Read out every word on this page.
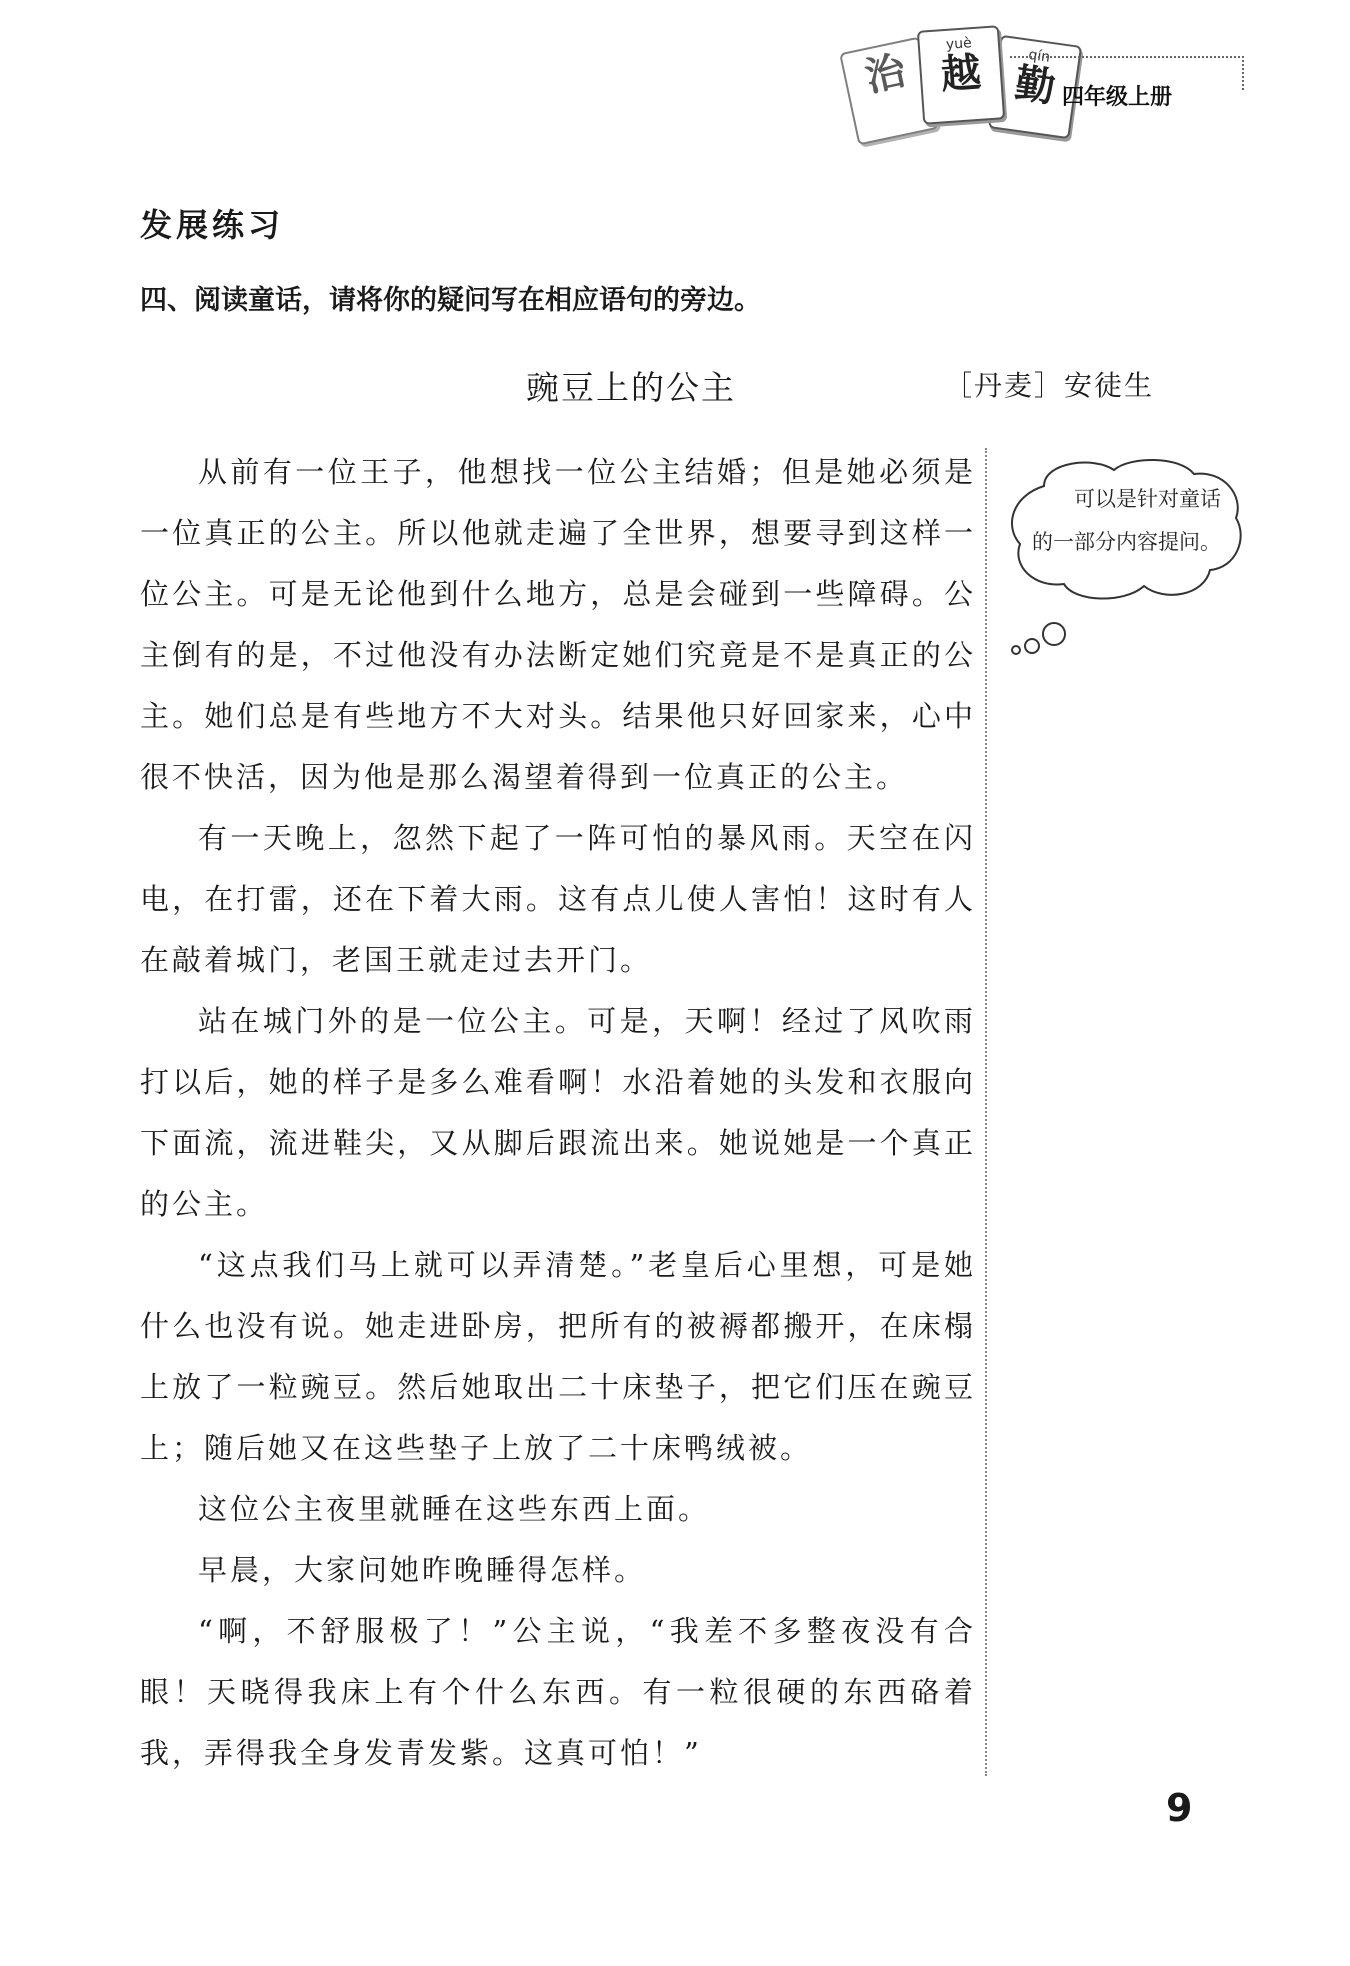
治
yuè
越	qín
勤 四年级上册
发展练习
四、阅读童话，请将你的疑问写在相应语句的旁边。
豌豆上的公主	［丹麦］安徒生

从前有一位王子，他想找一位公主结婚；但是她必须是一位真正的公主。所以他就走遍了全世界，想要寻到这样一位公主。可是无论他到什么地方，总是会碰到一些障碍。公主倒有的是，不过他没有办法断定她们究竟是不是真正的公主。她们总是有些地方不大对头。结果他只好回家来，心中很不快活，因为他是那么渴望着得到一位真正的公主。

有一天晚上，忽然下起了一阵可怕的暴风雨。天空在闪电，在打雷，还在下着大雨。这有点儿使人害怕！这时有人在敲着城门，老国王就走过去开门。

站在城门外的是一位公主。可是，天啊！经过了风吹雨打以后，她的样子是多么难看啊！水沿着她的头发和衣服向下面流，流进鞋尖，又从脚后跟流出来。她说她是一个真正的公主。

“这点我们马上就可以弄清楚。”老皇后心里想，可是她什么也没有说。她走进卧房，把所有的被褥都搬开，在床榻上放了一粒豌豆。然后她取出二十床垫子，把它们压在豌豆上；随后她又在这些垫子上放了二十床鸭绒被。

这位公主夜里就睡在这些东西上面。

早晨，大家问她昨晚睡得怎样。

“啊，不舒服极了！”公主说，“我差不多整夜没有合眼！天晓得我床上有个什么东西。有一粒很硬的东西硌着我，弄得我全身发青发紫。这真可怕！”

可以是针对童话的一部分内容提问。
9
